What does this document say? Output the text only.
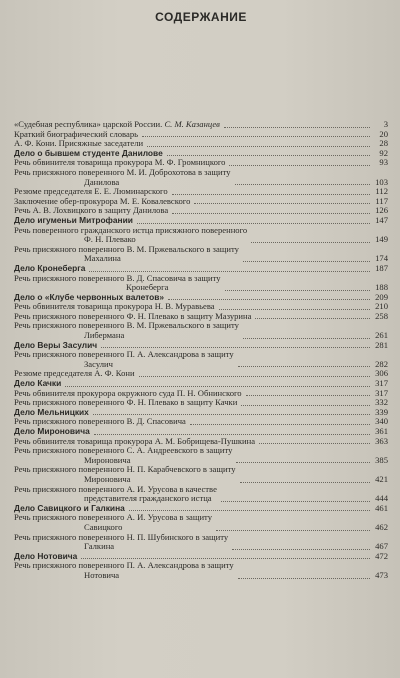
СОДЕРЖАНИЕ
«Судебная республика» царской России. С. М. Казанцев	3
Краткий биографический словарь	20
А. Ф. Кони. Присяжные заседатели	28
Дело о бывшем студенте Данилове	92
Речь обвинителя товарища прокурора М. Ф. Громницкого	93
Речь присяжного поверенного М. И. Доброхотова в защиту
Данилова	103
Резюме председателя Е. Е. Люминарского	112
Заключение обер-прокурора М. Е. Ковалевского	117
Речь А. В. Лохвицкого в защиту Данилова	126
Дело игуменьи Митрофании	147
Речь поверенного гражданского истца присяжного поверенного
Ф. Н. Плевако	149
Речь присяжного поверенного В. М. Пржевальского в защиту
Махалина	174
Дело Кронеберга	187
Речь присяжного поверенного В. Д. Спасовича в защиту
Кронеберга	188
Дело о «Клубе червонных валетов»	209
Речь обвинителя товарища прокурора Н. В. Муравьева	210
Речь присяжного поверенного Ф. Н. Плевако в защиту Мазурина	258
Речь присяжного поверенного В. М. Пржевальского в защиту
Либермана	261
Дело Веры Засулич	281
Речь присяжного поверенного П. А. Александрова в защиту
Засулич	282
Резюме председателя А. Ф. Кони	306
Дело Качки	317
Речь обвинителя прокурора окружного суда П. Н. Обнинского	317
Речь присяжного поверенного Ф. Н. Плевако в защиту Качки	332
Дело Мельницких	339
Речь присяжного поверенного В. Д. Спасовича	340
Дело Мироновича	361
Речь обвинителя товарища прокурора А. М. Бобрищева-Пушкина	363
Речь присяжного поверенного С. А. Андреевского в защиту
Мироновича	385
Речь присяжного поверенного Н. П. Карабчевского в защиту
Мироновича	421
Речь присяжного поверенного А. И. Урусова в качестве
представителя гражданского истца	444
Дело Савицкого и Галкина	461
Речь присяжного поверенного А. И. Урусова в защиту
Савицкого	462
Речь присяжного поверенного Н. П. Шубинского в защиту
Галкина	467
Дело Нотовича	472
Речь присяжного поверенного П. А. Александрова в защиту
Нотовича	473
